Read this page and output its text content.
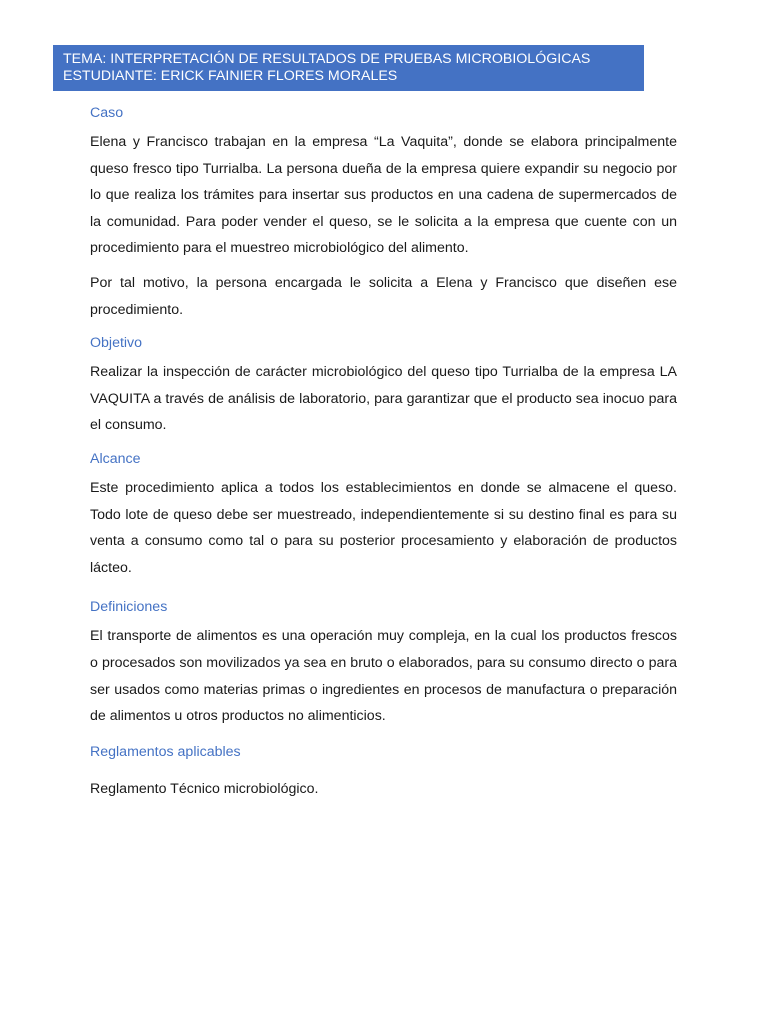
TEMA: INTERPRETACIÓN DE RESULTADOS DE PRUEBAS MICROBIOLÓGICAS
ESTUDIANTE: ERICK FAINIER FLORES MORALES

Caso

Elena y Francisco trabajan en la empresa “La Vaquita”, donde se elabora principalmente queso fresco tipo Turrialba. La persona dueña de la empresa quiere expandir su negocio por lo que realiza los trámites para insertar sus productos en una cadena de supermercados de la comunidad. Para poder vender el queso, se le solicita a la empresa que cuente con un procedimiento para el muestreo microbiológico del alimento.

Por tal motivo, la persona encargada le solicita a Elena y Francisco que diseñen ese procedimiento.

Objetivo

Realizar la inspección de carácter microbiológico del queso tipo Turrialba de la empresa LA VAQUITA a través de análisis de laboratorio, para garantizar que el producto sea inocuo para el consumo.

Alcance

Este procedimiento aplica a todos los establecimientos en donde se almacene el queso. Todo lote de queso debe ser muestreado, independientemente si su destino final es para su venta a consumo como tal o para su posterior procesamiento y elaboración de productos lácteo.

Definiciones

El transporte de alimentos es una operación muy compleja, en la cual los productos frescos o procesados son movilizados ya sea en bruto o elaborados, para su consumo directo o para ser usados como materias primas o ingredientes en procesos de manufactura o preparación de alimentos u otros productos no alimenticios.

Reglamentos aplicables

Reglamento Técnico microbiológico.
